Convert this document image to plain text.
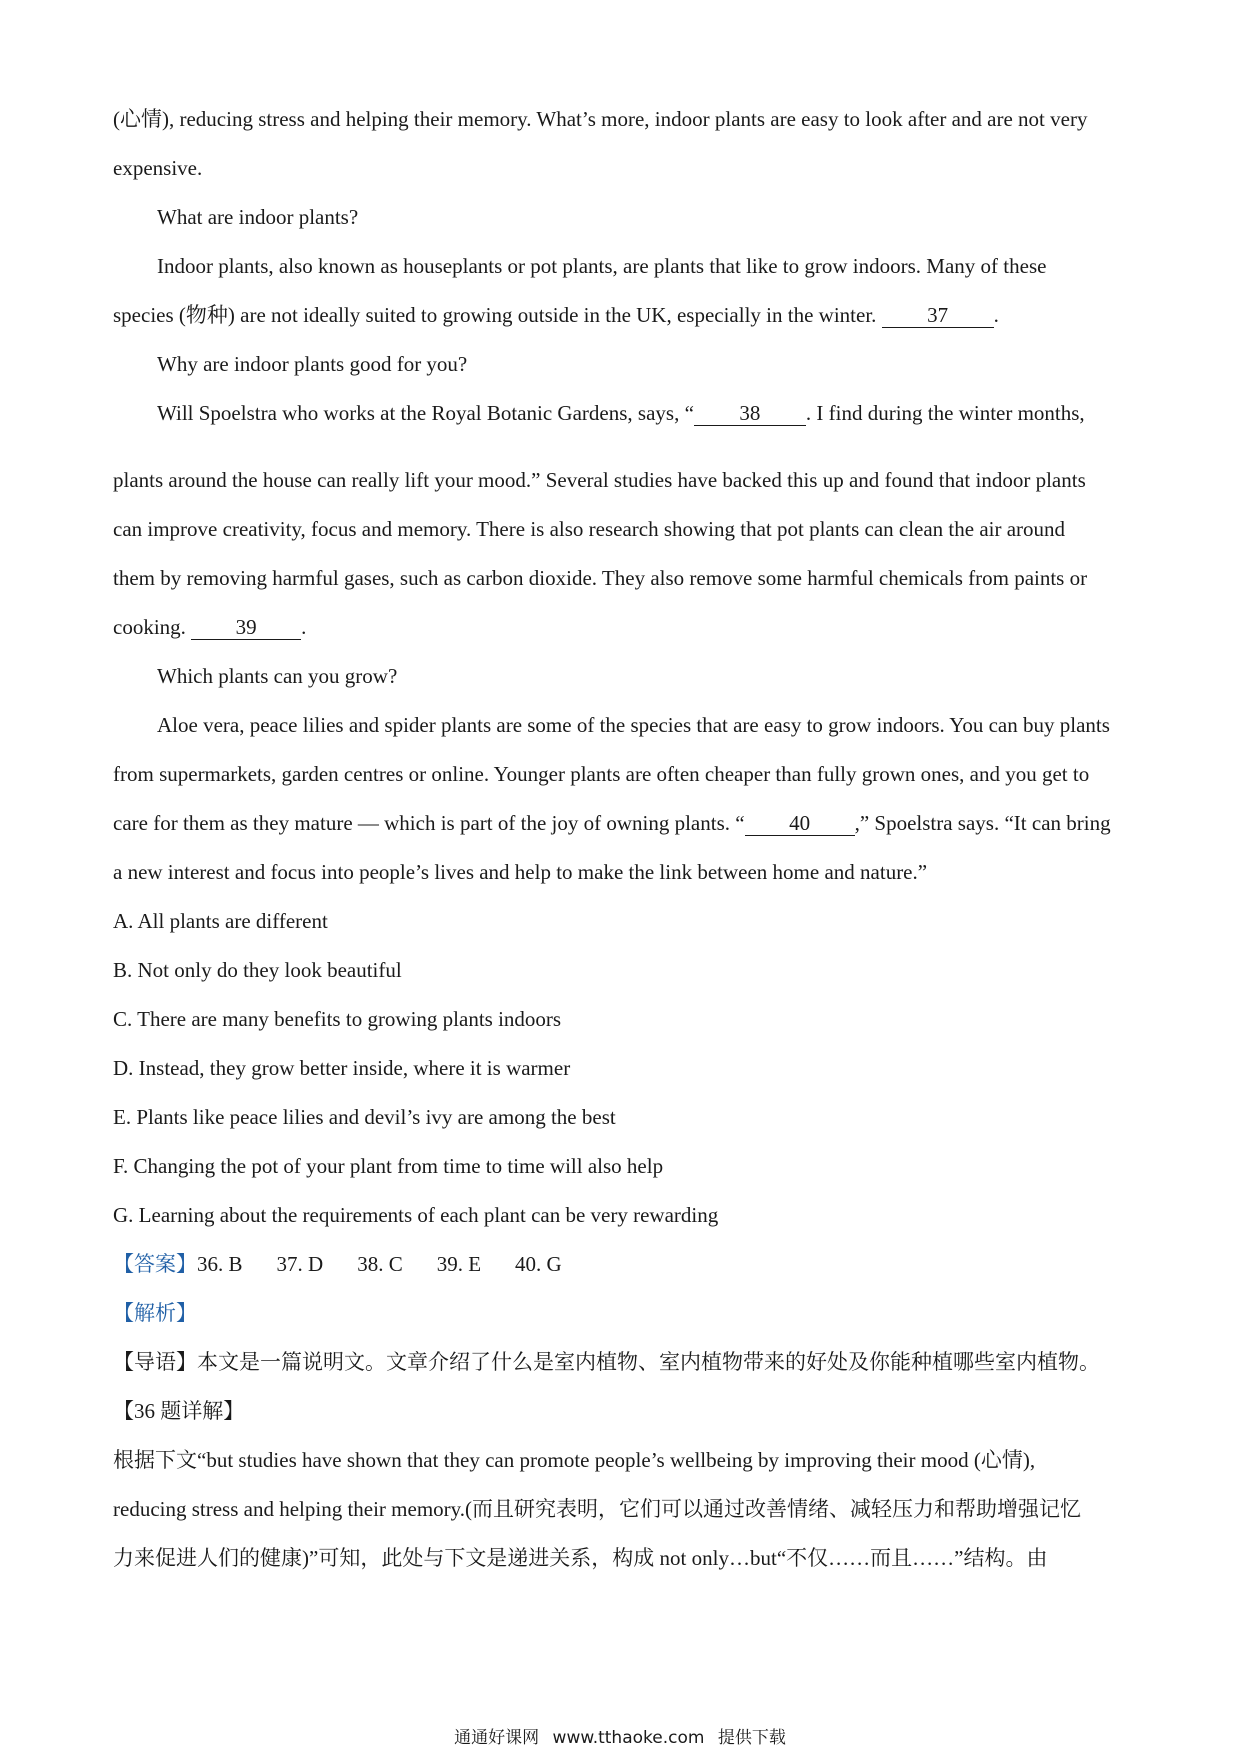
(心情), reducing stress and helping their memory. What’s more, indoor plants are easy to look after and are not very
expensive.
What are indoor plants?
Indoor plants, also known as houseplants or pot plants, are plants that like to grow indoors. Many of these
species (物种) are not ideally suited to growing outside in the UK, especially in the winter. 37 .
Why are indoor plants good for you?
Will Spoelstra who works at the Royal Botanic Gardens, says, “ 38 . I find during the winter months,
plants around the house can really lift your mood.” Several studies have backed this up and found that indoor plants
can improve creativity, focus and memory. There is also research showing that pot plants can clean the air around
them by removing harmful gases, such as carbon dioxide. They also remove some harmful chemicals from paints or
cooking. 39 .
Which plants can you grow?
Aloe vera, peace lilies and spider plants are some of the species that are easy to grow indoors. You can buy plants
from supermarkets, garden centres or online. Younger plants are often cheaper than fully grown ones, and you get to
care for them as they mature — which is part of the joy of owning plants. “ 40 ,” Spoelstra says. “It can bring
a new interest and focus into people’s lives and help to make the link between home and nature.”
A. All plants are different
B. Not only do they look beautiful
C. There are many benefits to growing plants indoors
D. Instead, they grow better inside, where it is warmer
E. Plants like peace lilies and devil’s ivy are among the best
F. Changing the pot of your plant from time to time will also help
G. Learning about the requirements of each plant can be very rewarding
【答案】36. B 37. D 38. C 39. E 40. G
【解析】
【导语】本文是一篇说明文。文章介绍了什么是室内植物、室内植物带来的好处及你能种植哪些室内植物。
【36 题详解】
根据下文“but studies have shown that they can promote people’s wellbeing by improving their mood (心情),
reducing stress and helping their memory.(而且研究表明，它们可以通过改善情绪、减轻压力和帮助增强记忆
力来促进人们的健康)”可知，此处与下文是递进关系，构成 not only…but“不仅……而且……”结构。由
通通好课网 www.tthaoke.com 提供下载
